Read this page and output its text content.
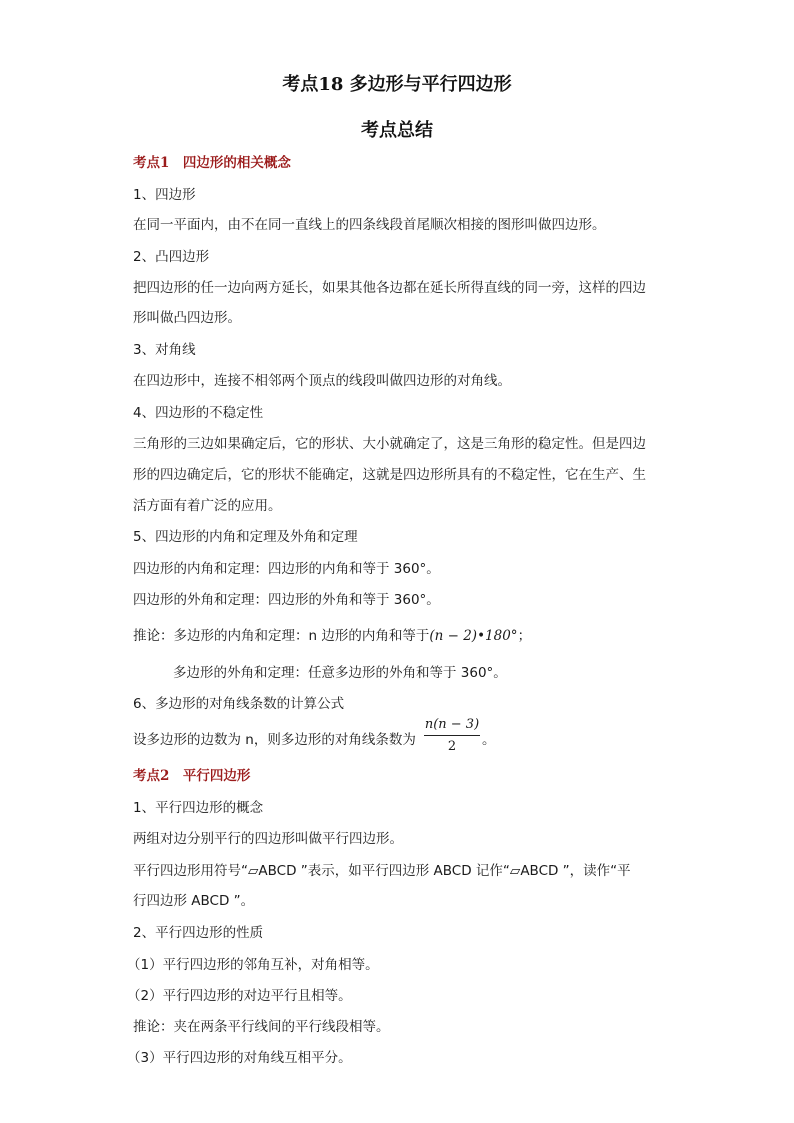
考点18 多边形与平行四边形
考点总结
考点1　四边形的相关概念
1、四边形
在同一平面内，由不在同一直线上的四条线段首尾顺次相接的图形叫做四边形。
2、凸四边形
把四边形的任一边向两方延长，如果其他各边都在延长所得直线的同一旁，这样的四边
形叫做凸四边形。
3、对角线
在四边形中，连接不相邻两个顶点的线段叫做四边形的对角线。
4、四边形的不稳定性
三角形的三边如果确定后，它的形状、大小就确定了，这是三角形的稳定性。但是四边
形的四边确定后，它的形状不能确定，这就是四边形所具有的不稳定性，它在生产、生
活方面有着广泛的应用。
5、四边形的内角和定理及外角和定理
四边形的内角和定理：四边形的内角和等于 360°。
四边形的外角和定理：四边形的外角和等于 360°。
推论：多边形的内角和定理：n 边形的内角和等于(n − 2)•180°；
多边形的外角和定理：任意多边形的外角和等于 360°。
6、多边形的对角线条数的计算公式
设多边形的边数为 n，则多边形的对角线条数为 $\frac{n(n - 3)}{2}$ 。
考点2　平行四边形
1、平行四边形的概念
两组对边分别平行的四边形叫做平行四边形。
平行四边形用符号“▱ABCD ”表示，如平行四边形 ABCD 记作“▱ABCD ”，读作“平
行四边形 ABCD ”。
2、平行四边形的性质
（1）平行四边形的邻角互补，对角相等。
（2）平行四边形的对边平行且相等。
推论：夹在两条平行线间的平行线段相等。
（3）平行四边形的对角线互相平分。
